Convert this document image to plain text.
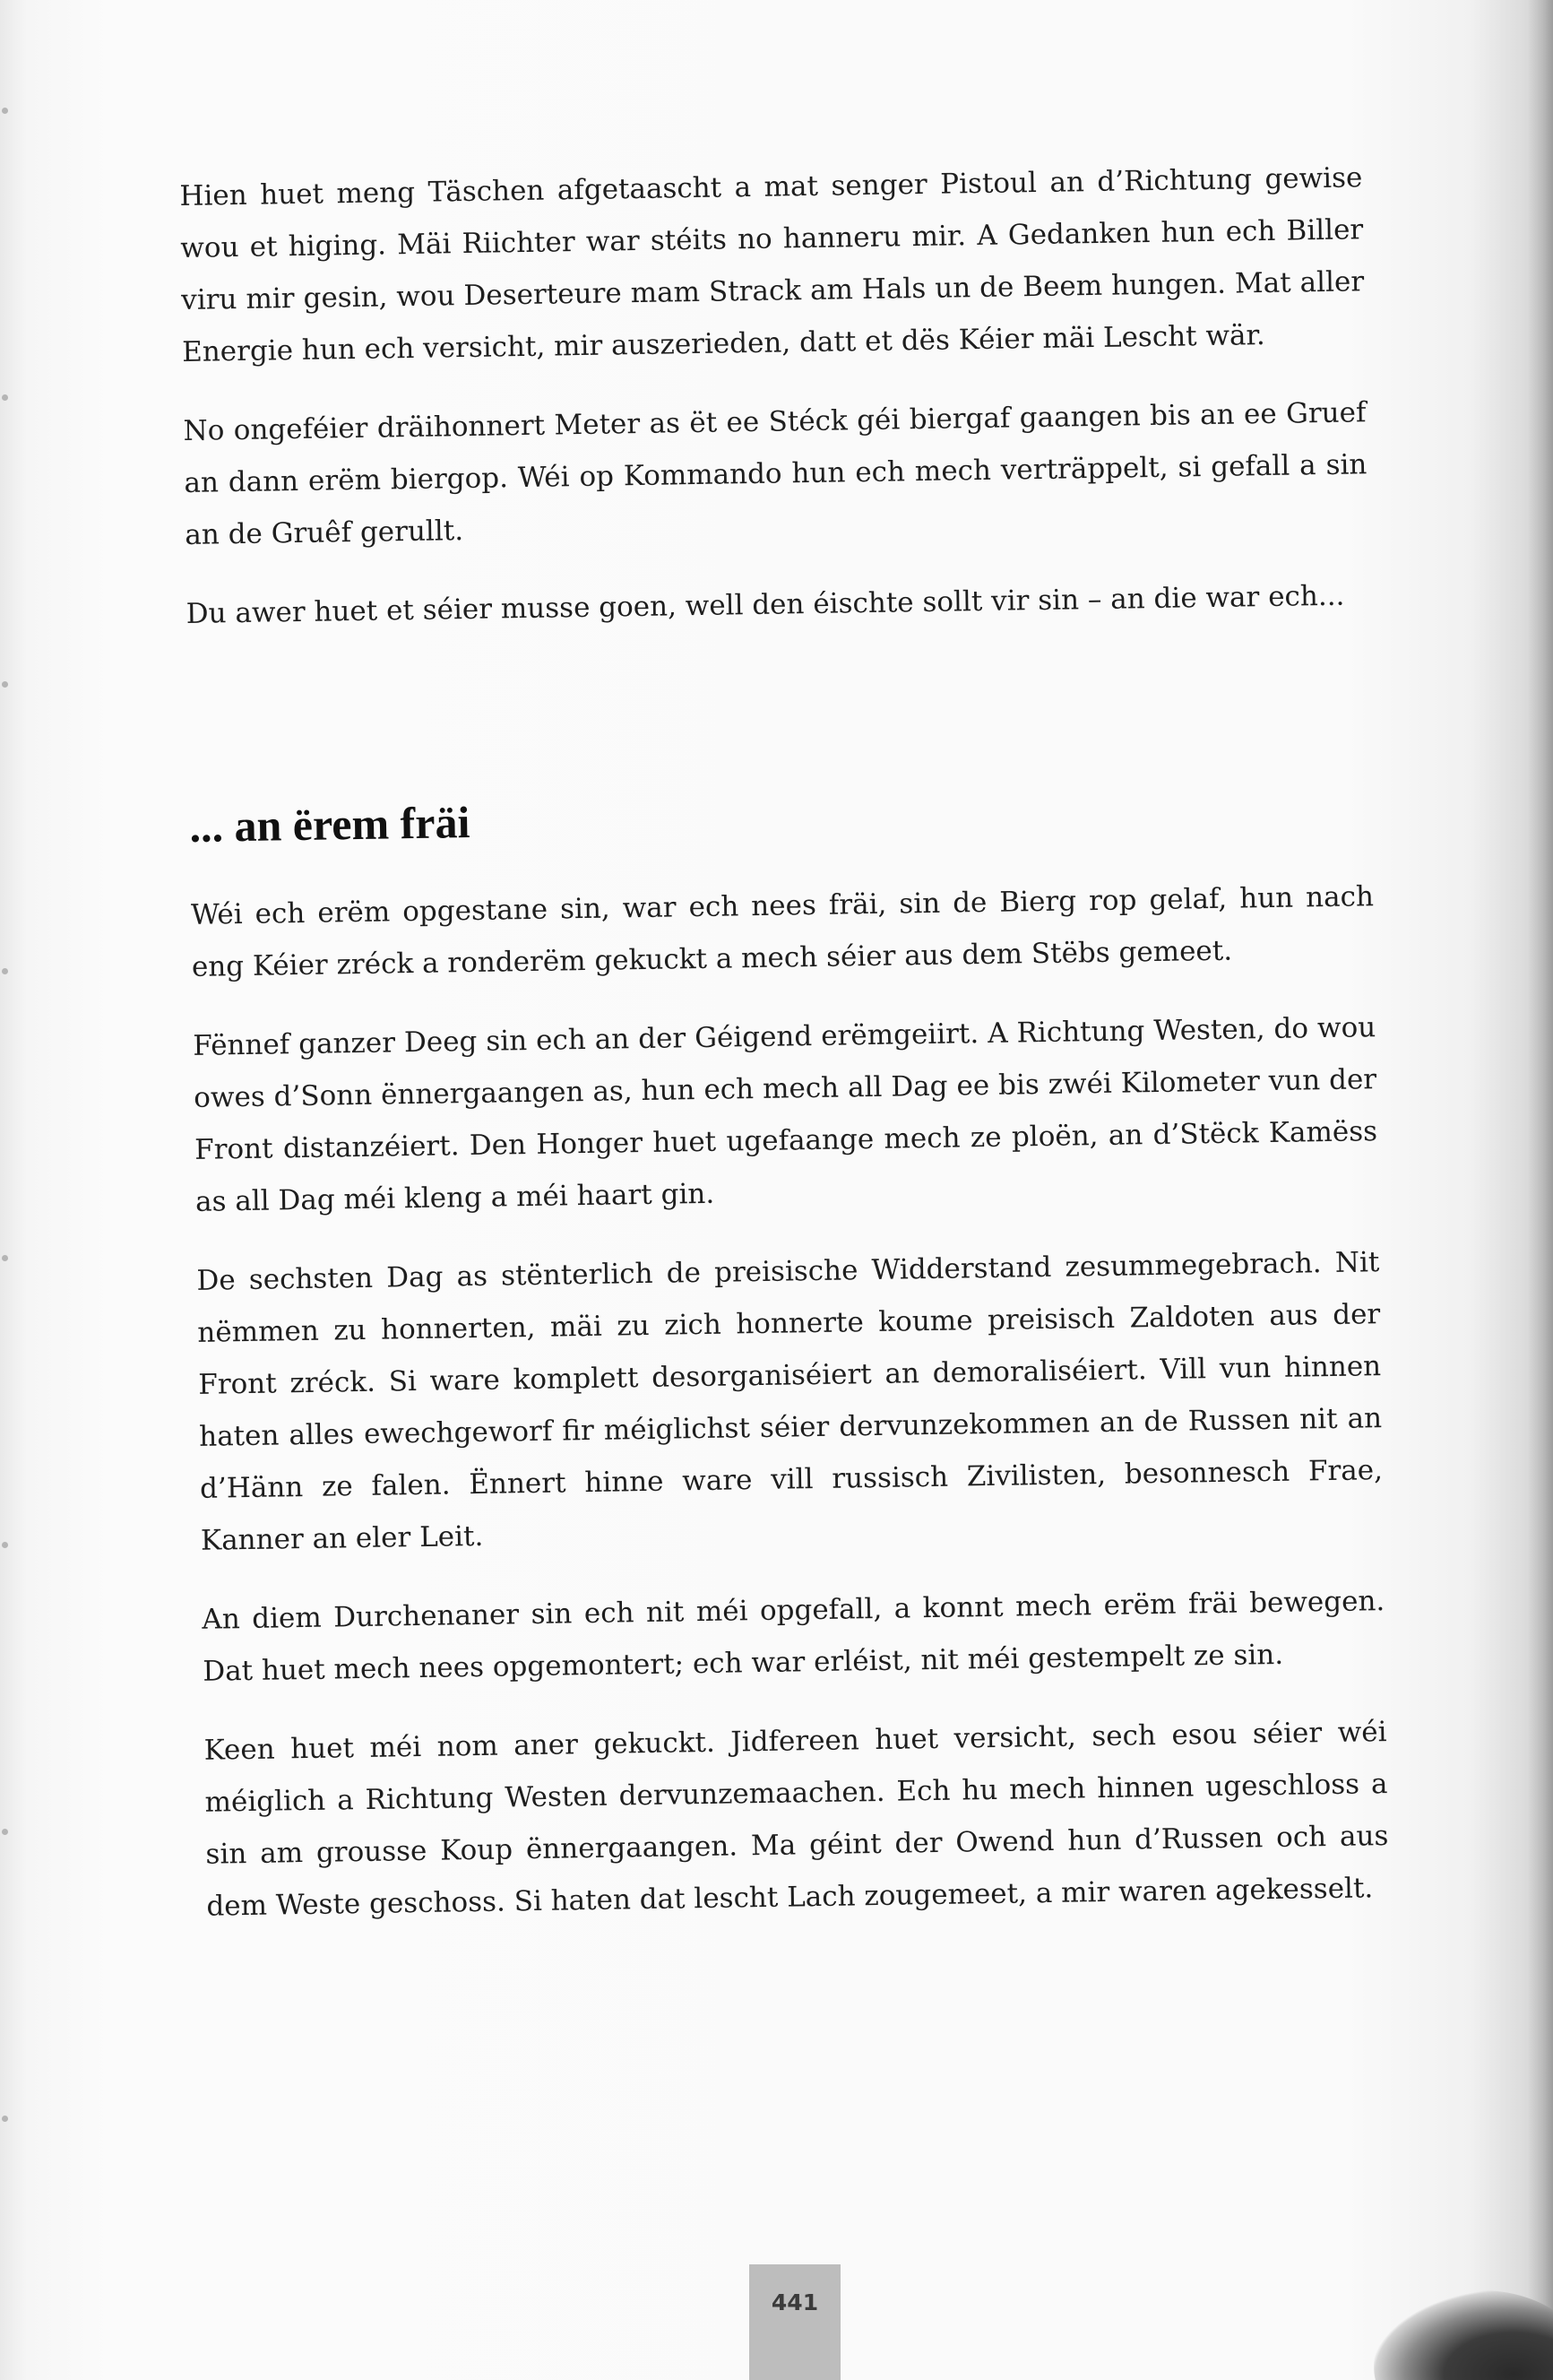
Hien huet meng Täschen afgetaascht a mat senger Pistoul an d’Richtung gewise wou et higing. Mäi Riichter war stéits no hanneru mir. A Gedanken hun ech Biller viru mir gesin, wou Deserteure mam Strack am Hals un de Beem hungen. Mat aller Energie hun ech versicht, mir auszerieden, datt et dës Kéier mäi Lescht wär.

No ongeféier dräihonnert Meter as ët ee Stéck géi biergaf gaangen bis an ee Gruef an dann erëm biergop. Wéi op Kommando hun ech mech verträppelt, si gefall a sin an de Gruêf gerullt.

Du awer huet et séier musse goen, well den éischte sollt vir sin – an die war ech...

... an ërem fräi

Wéi ech erëm opgestane sin, war ech nees fräi, sin de Bierg rop gelaf, hun nach eng Kéier zréck a ronderëm gekuckt a mech séier aus dem Stëbs gemeet.

Fënnef ganzer Deeg sin ech an der Géigend erëmgeiirt. A Richtung Westen, do wou owes d’Sonn ënnergaangen as, hun ech mech all Dag ee bis zwéi Kilometer vun der Front distanzéiert. Den Honger huet ugefaange mech ze ploën, an d’Stëck Kamëss as all Dag méi kleng a méi haart gin.

De sechsten Dag as stënterlich de preisische Widderstand zesummegebrach. Nit nëmmen zu honnerten, mäi zu zich honnerte koume preisisch Zaldoten aus der Front zréck. Si ware komplett desorganiséiert an demoraliséiert. Vill vun hinnen haten alles ewechgeworf fir méiglichst séier dervunzekommen an de Russen nit an d’Hänn ze falen. Ënnert hinne ware vill russisch Zivilisten, besonnesch Frae, Kanner an eler Leit.

An diem Durchenaner sin ech nit méi opgefall, a konnt mech erëm fräi bewegen. Dat huet mech nees opgemontert; ech war erléist, nit méi gestempelt ze sin.

Keen huet méi nom aner gekuckt. Jidfereen huet versicht, sech esou séier wéi méiglich a Richtung Westen dervunzemaachen. Ech hu mech hinnen ugeschloss a sin am grousse Koup ënnergaangen. Ma géint der Owend hun d’Russen och aus dem Weste geschoss. Si haten dat lescht Lach zougemeet, a mir waren agekesselt.

441
